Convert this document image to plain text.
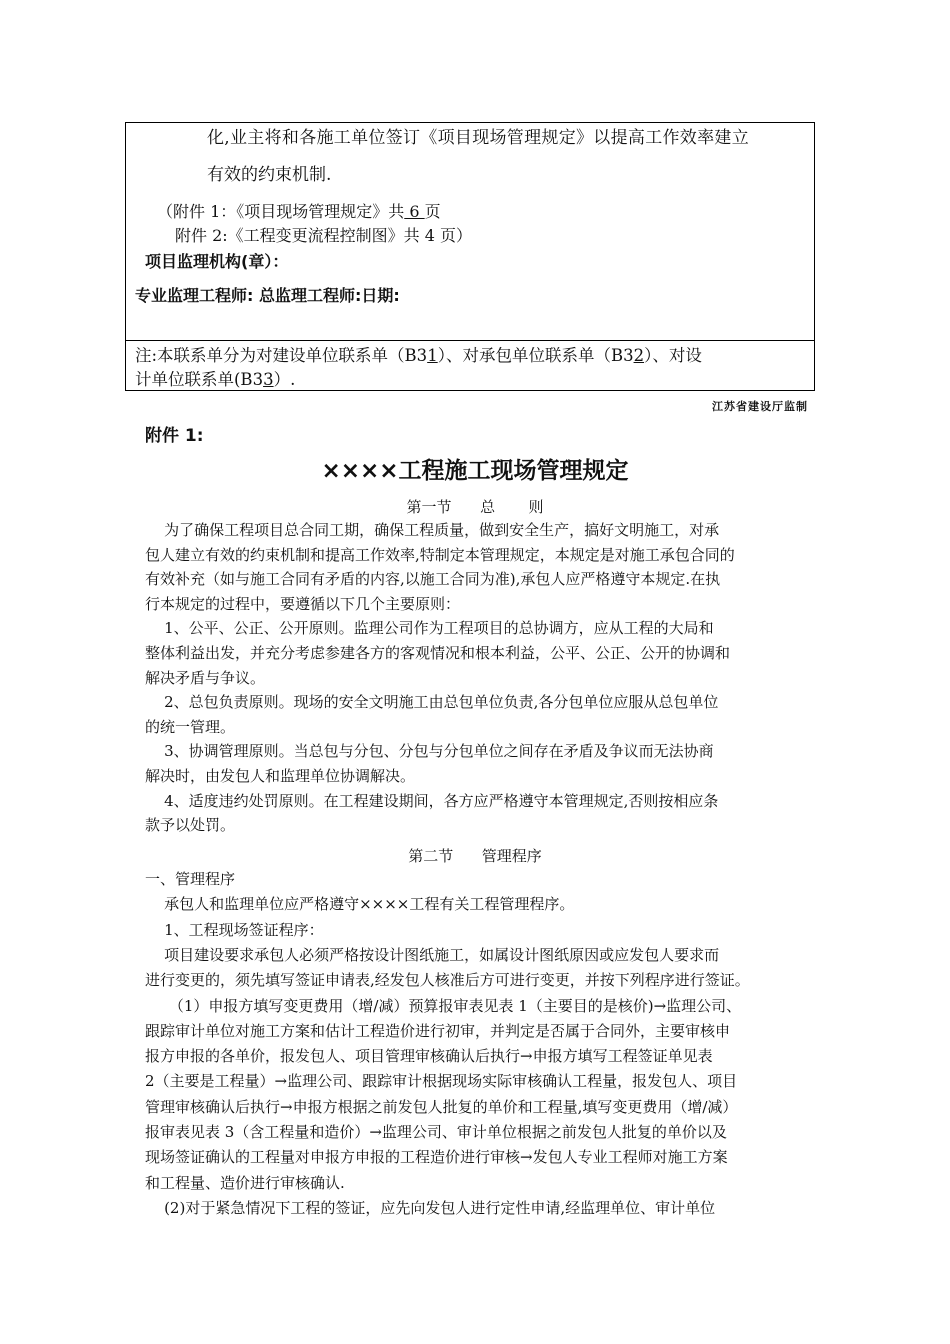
化,业主将和各施工单位签订《项目现场管理规定》以提高工作效率建立
有效的约束机制.
（附件 1：《项目现场管理规定》共 6 页
附件 2:《工程变更流程控制图》共 4 页）
项目监理机构(章）：
专业监理工程师: 总监理工程师:日期:
注:本联系单分为对建设单位联系单（B31）、对承包单位联系单（B32）、对设
计单位联系单(B33）.
江苏省建设厅监制
附件 1:
××××工程施工现场管理规定
第一节      总       则
为了确保工程项目总合同工期，确保工程质量，做到安全生产，搞好文明施工，对承
包人建立有效的约束机制和提高工作效率,特制定本管理规定，本规定是对施工承包合同的
有效补充（如与施工合同有矛盾的内容,以施工合同为准),承包人应严格遵守本规定.在执
行本规定的过程中，要遵循以下几个主要原则：
1、公平、公正、公开原则。监理公司作为工程项目的总协调方，应从工程的大局和
整体利益出发，并充分考虑参建各方的客观情况和根本利益，公平、公正、公开的协调和
解决矛盾与争议。
2、总包负责原则。现场的安全文明施工由总包单位负责,各分包单位应服从总包单位
的统一管理。
3、协调管理原则。当总包与分包、分包与分包单位之间存在矛盾及争议而无法协商
解决时，由发包人和监理单位协调解决。
4、适度违约处罚原则。在工程建设期间，各方应严格遵守本管理规定,否则按相应条
款予以处罚。
第二节      管理程序
一、管理程序
承包人和监理单位应严格遵守××××工程有关工程管理程序。
1、工程现场签证程序：
项目建设要求承包人必须严格按设计图纸施工，如属设计图纸原因或应发包人要求而
进行变更的，须先填写签证申请表,经发包人核准后方可进行变更，并按下列程序进行签证。
（1）申报方填写变更费用（增/减）预算报审表见表 1（主要目的是核价)→监理公司、
跟踪审计单位对施工方案和估计工程造价进行初审，并判定是否属于合同外，主要审核申
报方申报的各单价，报发包人、项目管理审核确认后执行→申报方填写工程签证单见表
2（主要是工程量）→监理公司、跟踪审计根据现场实际审核确认工程量，报发包人、项目
管理审核确认后执行→申报方根据之前发包人批复的单价和工程量,填写变更费用（增/减）
报审表见表 3（含工程量和造价）→监理公司、审计单位根据之前发包人批复的单价以及
现场签证确认的工程量对申报方申报的工程造价进行审核→发包人专业工程师对施工方案
和工程量、造价进行审核确认.
(2)对于紧急情况下工程的签证，应先向发包人进行定性申请,经监理单位、审计单位
